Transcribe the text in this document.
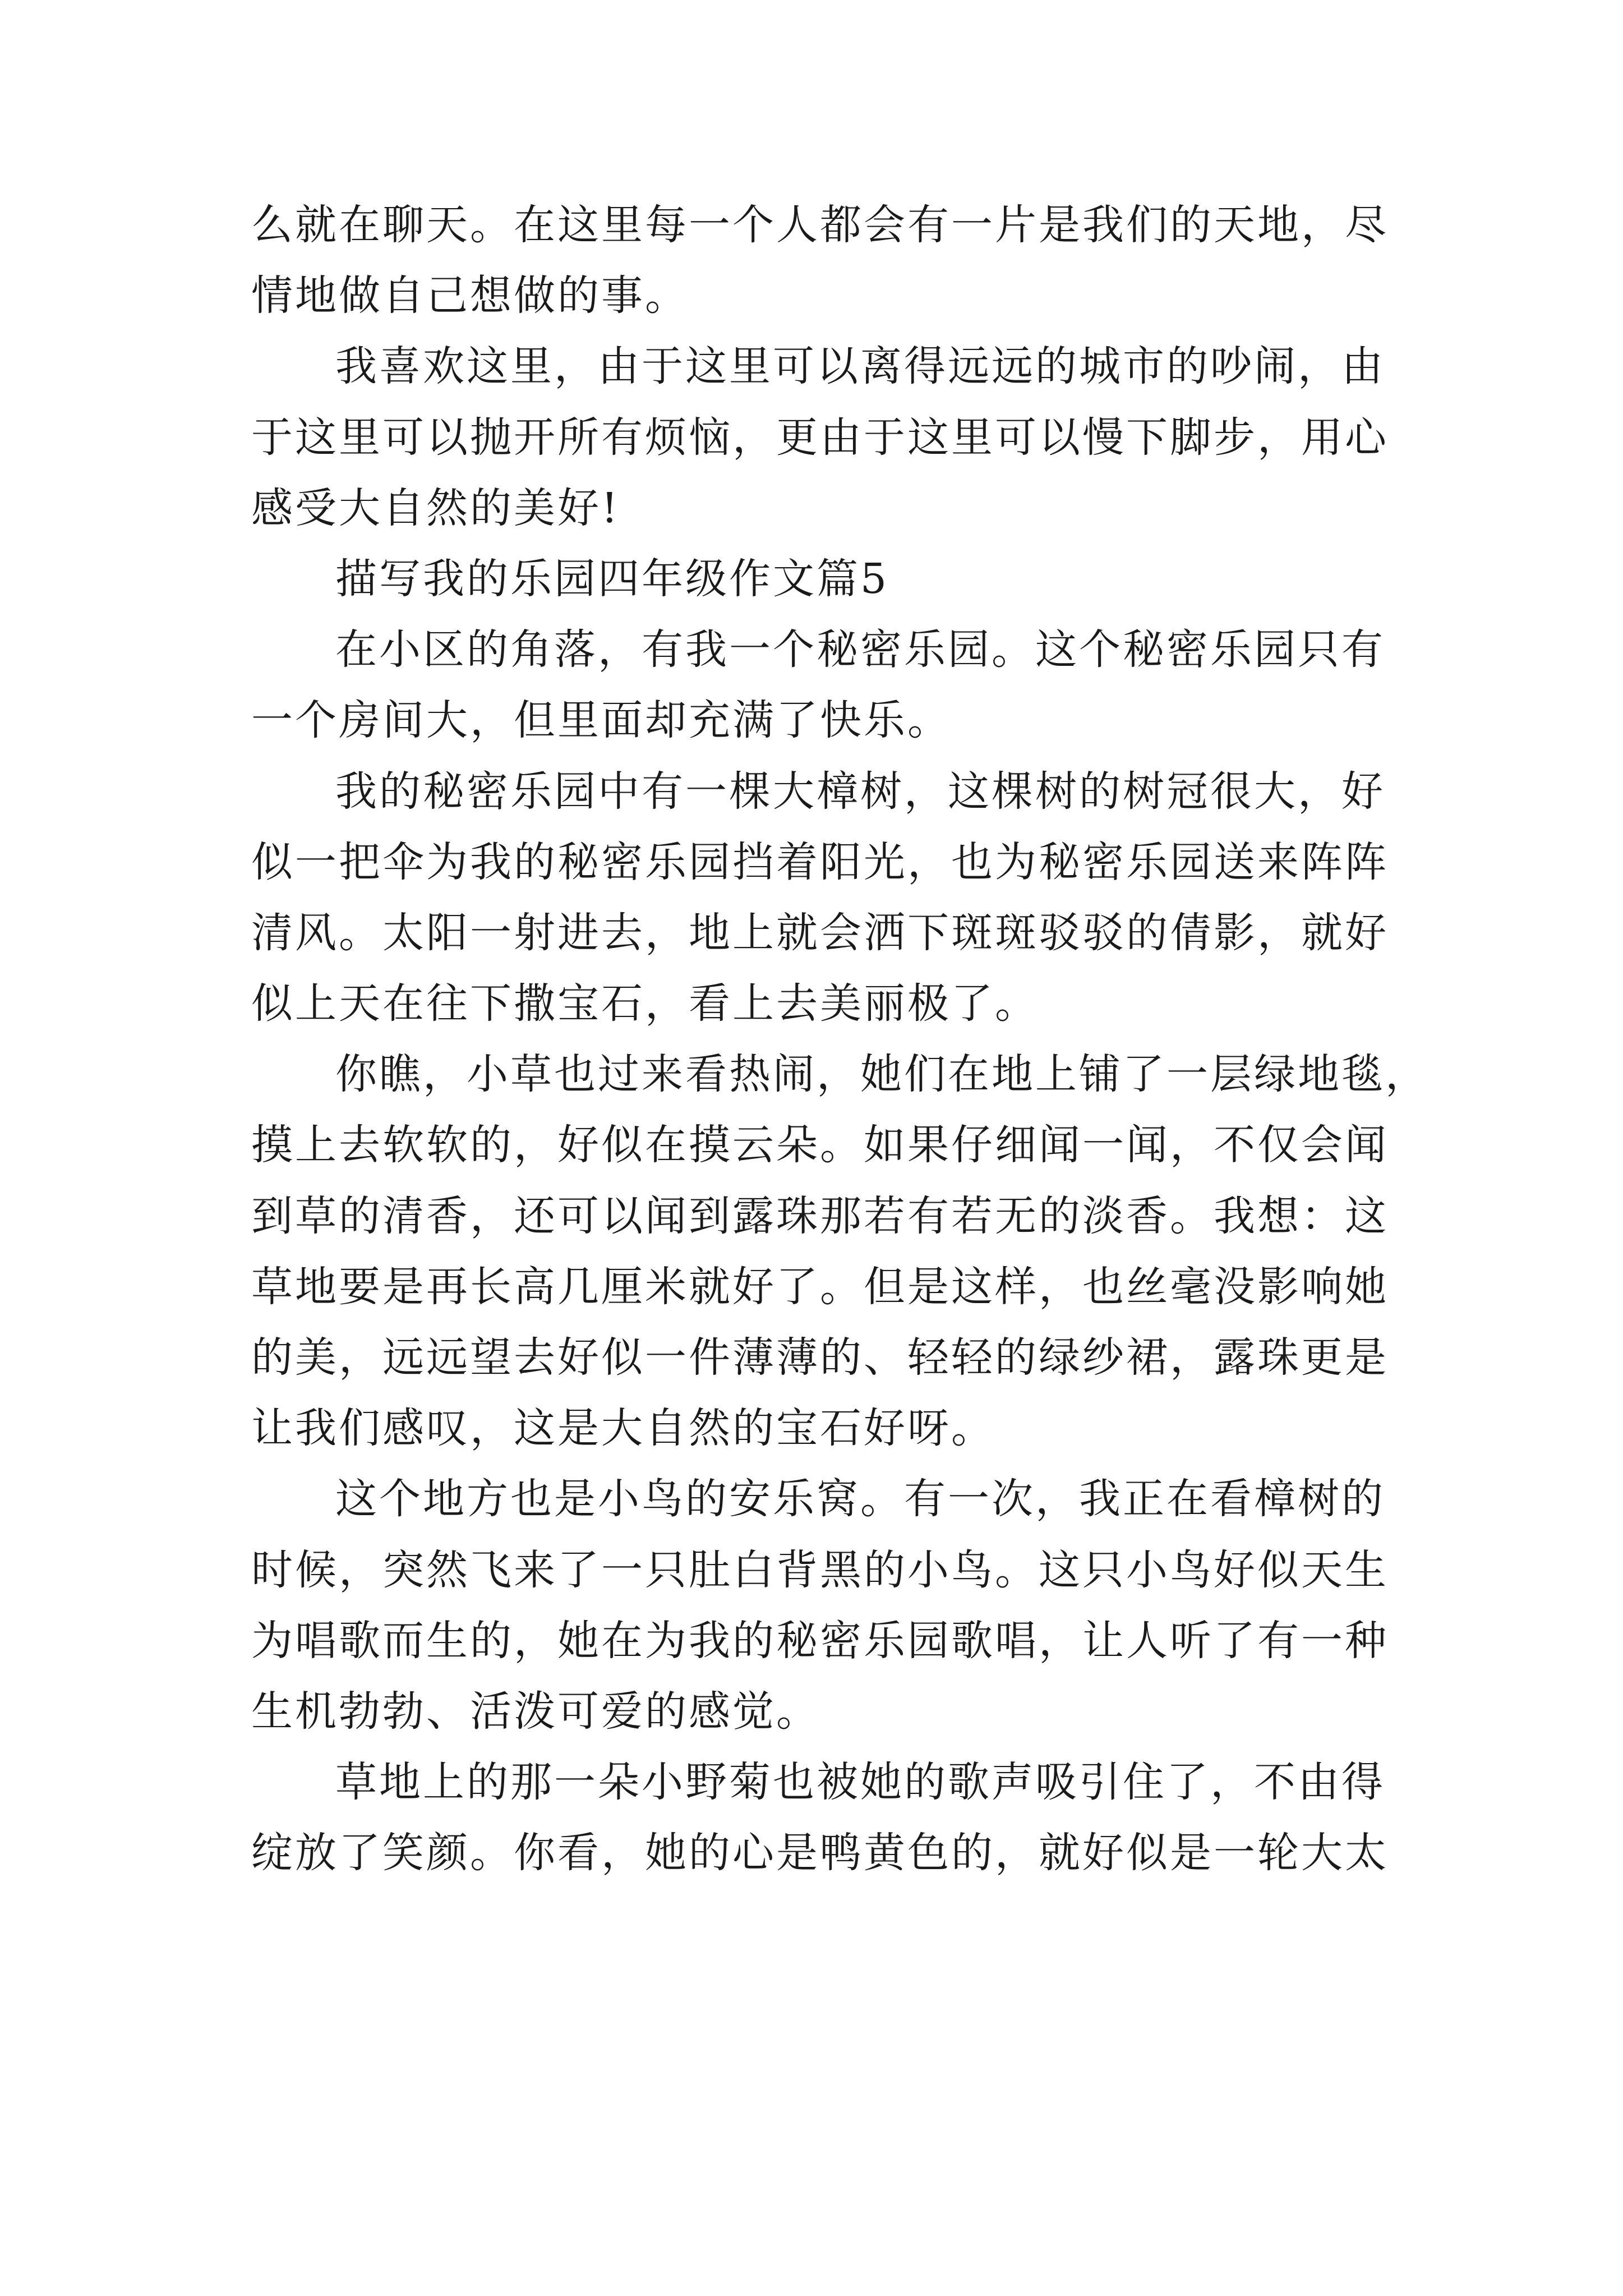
么就在聊天。在这里每一个人都会有一片是我们的天地，尽
情地做自己想做的事。
我喜欢这里，由于这里可以离得远远的城市的吵闹，由
于这里可以抛开所有烦恼，更由于这里可以慢下脚步，用心
感受大自然的美好!
描写我的乐园四年级作文篇5
在小区的角落，有我一个秘密乐园。这个秘密乐园只有
一个房间大，但里面却充满了快乐。
我的秘密乐园中有一棵大樟树，这棵树的树冠很大，好
似一把伞为我的秘密乐园挡着阳光，也为秘密乐园送来阵阵
清风。太阳一射进去，地上就会洒下斑斑驳驳的倩影，就好
似上天在往下撒宝石，看上去美丽极了。
你瞧，小草也过来看热闹，她们在地上铺了一层绿地毯，
摸上去软软的，好似在摸云朵。如果仔细闻一闻，不仅会闻
到草的清香，还可以闻到露珠那若有若无的淡香。我想：这
草地要是再长高几厘米就好了。但是这样，也丝毫没影响她
的美，远远望去好似一件薄薄的、轻轻的绿纱裙，露珠更是
让我们感叹，这是大自然的宝石好呀。
这个地方也是小鸟的安乐窝。有一次，我正在看樟树的
时候，突然飞来了一只肚白背黑的小鸟。这只小鸟好似天生
为唱歌而生的，她在为我的秘密乐园歌唱，让人听了有一种
生机勃勃、活泼可爱的感觉。
草地上的那一朵小野菊也被她的歌声吸引住了，不由得
绽放了笑颜。你看，她的心是鸭黄色的，就好似是一轮大太
